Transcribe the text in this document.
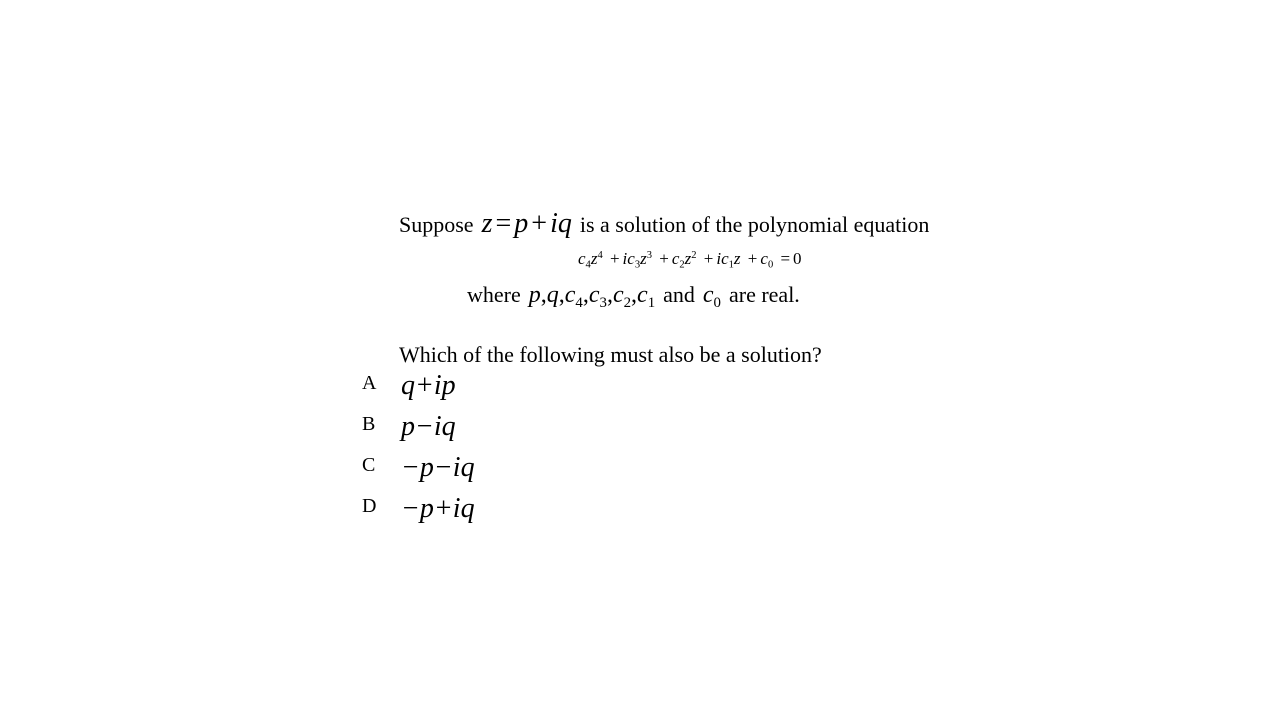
Suppose z = p + iq is a solution of the polynomial equation
$c_4z^4 + ic_3z^3 + c_2z^2 + ic_1z + c_0 = 0$
where $p,q,c_4,c_3,c_2,c_1$ and $c_0$ are real.
Which of the following must also be a solution?
A q+ip
B p−iq
C −p−iq
D −p+iq
